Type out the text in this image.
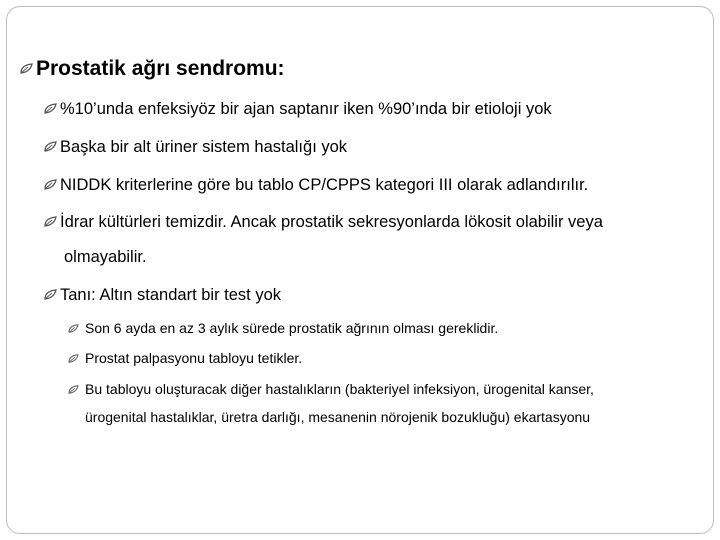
Prostatik ağrı sendromu:
%10’unda enfeksiyöz bir ajan saptanır iken %90’ında bir etioloji yok
Başka bir alt üriner sistem hastalığı yok
NIDDK kriterlerine göre bu tablo CP/CPPS kategori III olarak adlandırılır.
İdrar kültürleri temizdir. Ancak prostatik sekresyonlarda lökosit olabilir veya
olmayabilir.
Tanı: Altın standart bir test yok
Son 6 ayda en az 3 aylık sürede prostatik ağrının olması gereklidir.
Prostat palpasyonu tabloyu tetikler.
Bu tabloyu oluşturacak diğer hastalıkların (bakteriyel infeksiyon, ürogenital kanser,
ürogenital hastalıklar, üretra darlığı, mesanenin nörojenik bozukluğu) ekartasyonu
